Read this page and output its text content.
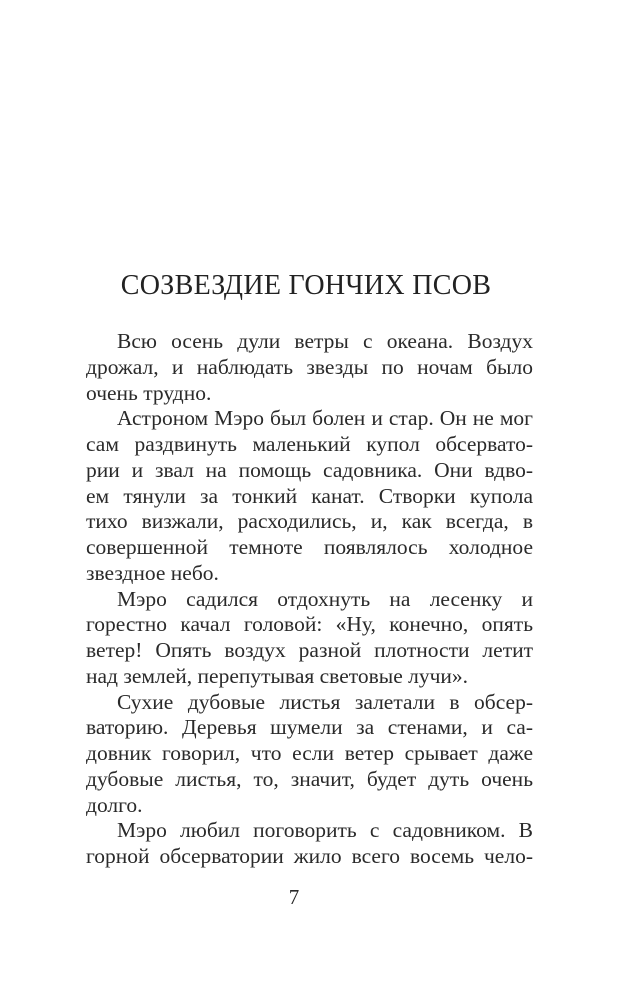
СОЗВЕЗДИЕ ГОНЧИХ ПСОВ
Всю осень дули ветры с океана. Воздух
дрожал, и наблюдать звезды по ночам было
очень трудно.
Астроном Мэро был болен и стар. Он не мог
сам раздвинуть маленький купол обсервато-
рии и звал на помощь садовника. Они вдво-
ем тянули за тонкий канат. Створки купола
тихо визжали, расходились, и, как всегда, в
совершенной темноте появлялось холодное
звездное небо.
Мэро садился отдохнуть на лесенку и
горестно качал головой: «Ну, конечно, опять
ветер! Опять воздух разной плотности летит
над землей, перепутывая световые лучи».
Сухие дубовые листья залетали в обсер-
ваторию. Деревья шумели за стенами, и са-
довник говорил, что если ветер срывает даже
дубовые листья, то, значит, будет дуть очень
долго.
Мэро любил поговорить с садовником. В
горной обсерватории жило всего восемь чело-
7
